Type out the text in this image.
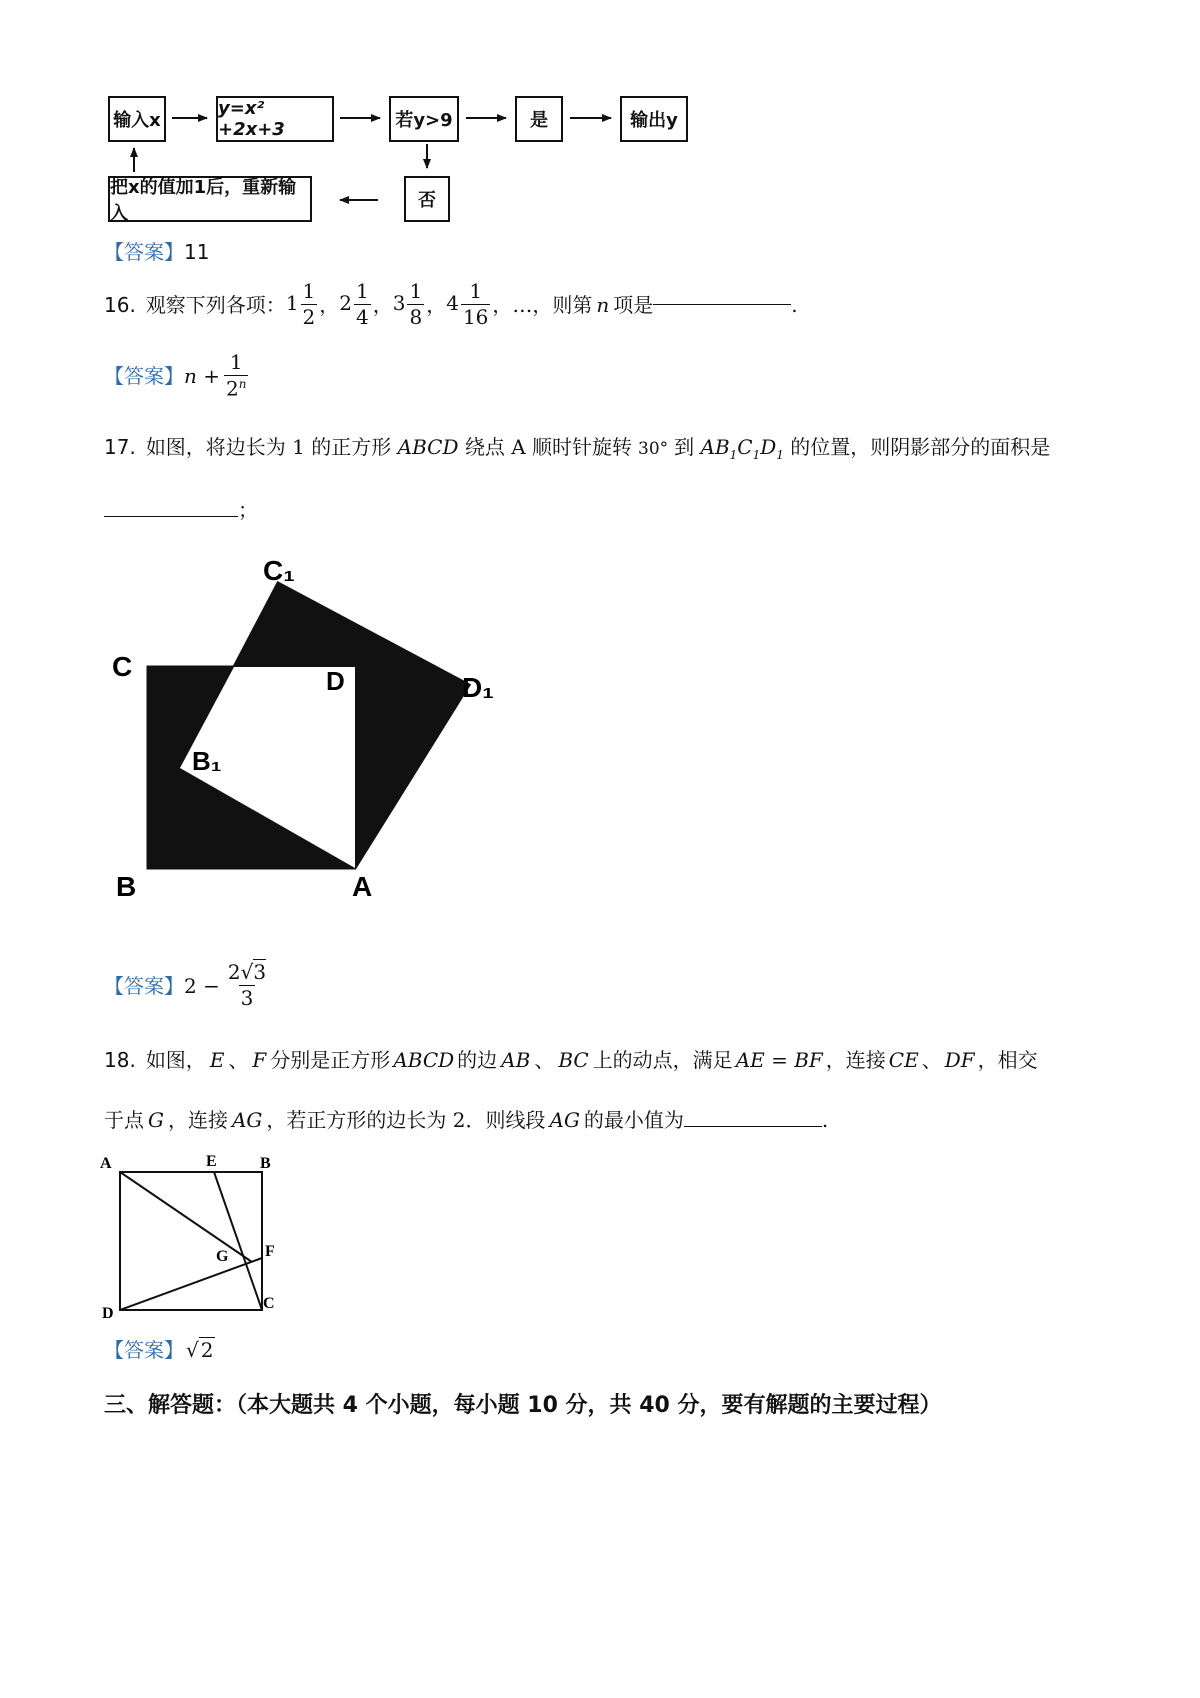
输入x
y=x² +2x+3	若y>9	是	输出y
否
把x的值加1后，重新输入
【答案】11
16. 观察下列各项： $1 \frac{1}{2}$ ， $2 \frac{1}{4}$ ， $3 \frac{1}{8}$ ， $4 \frac{1}{16}$ ，…，则第 n 项是	.
【答案】 $n + \frac{1}{2^n}$
17. 如图，将边长为 1 的正方形 ABCD 绕点 A 顺时针旋转 30° 到 $AB_1C_1D_1$ 的位置，则阴影部分的面积是
；
C
C₁
D	D₁
B₁
B	A
【答案】 $2 - \frac{2√3}{3}$
18. 如图， E 、 F 分别是正方形 ABCD 的边 AB 、 BC 上的动点，满足 AE = BF ，连接 CE 、 DF ，相交
于点 G ，连接 AG ，若正方形的边长为 2．则线段 AG 的最小值为	.
A	E	B
G F
D
C
【答案】 √ 2
三、解答题：（本大题共 4 个小题，每小题 10 分，共 40 分，要有解题的主要过程）
